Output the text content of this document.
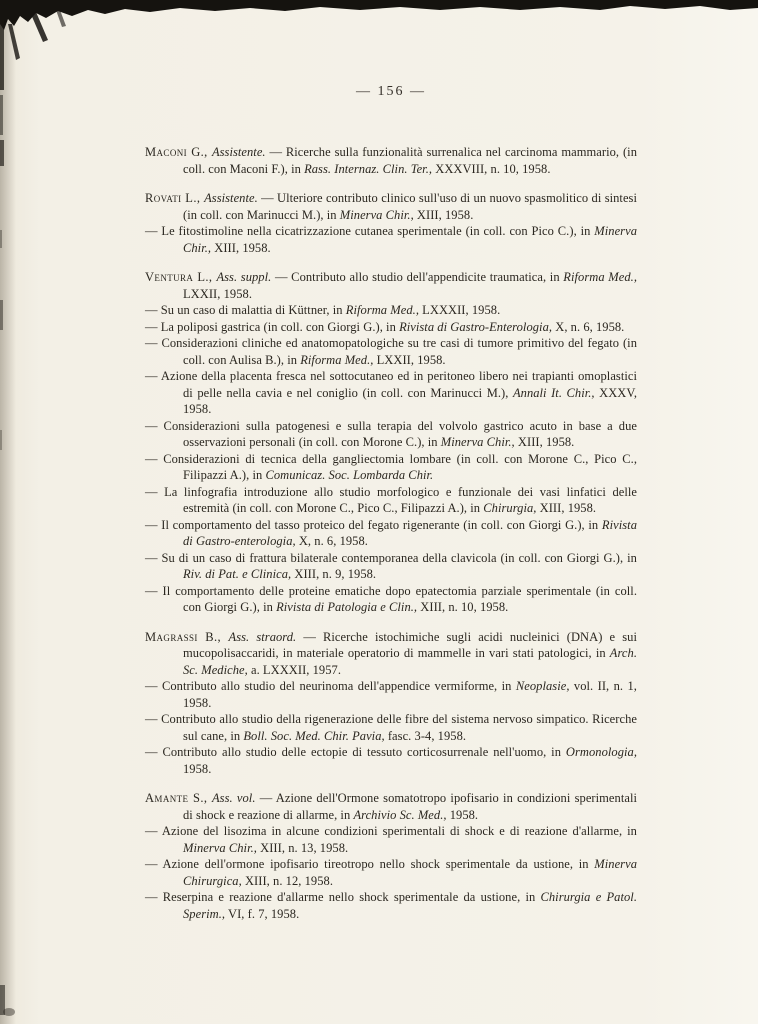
— 156 —

Maconi G., Assistente. — Ricerche sulla funzionalità surrenalica nel carcinoma mammario, (in coll. con Maconi F.), in Rass. Internaz. Clin. Ter., XXXVIII, n. 10, 1958.

Rovati L., Assistente. — Ulteriore contributo clinico sull'uso di un nuovo spasmolitico di sintesi (in coll. con Marinucci M.), in Minerva Chir., XIII, 1958.

— Le fitostimoline nella cicatrizzazione cutanea sperimentale (in coll. con Pico C.), in Minerva Chir., XIII, 1958.

Ventura L., Ass. suppl. — Contributo allo studio dell'appendicite traumatica, in Riforma Med., LXXII, 1958.

— Su un caso di malattia di Küttner, in Riforma Med., LXXXII, 1958.

— La poliposi gastrica (in coll. con Giorgi G.), in Rivista di Gastro-Enterologia, X, n. 6, 1958.

— Considerazioni cliniche ed anatomopatologiche su tre casi di tumore primitivo del fegato (in coll. con Aulisa B.), in Riforma Med., LXXII, 1958.

— Azione della placenta fresca nel sottocutaneo ed in peritoneo libero nei trapianti omoplastici di pelle nella cavia e nel coniglio (in coll. con Marinucci M.), Annali It. Chir., XXXV, 1958.

— Considerazioni sulla patogenesi e sulla terapia del volvolo gastrico acuto in base a due osservazioni personali (in coll. con Morone C.), in Minerva Chir., XIII, 1958.

— Considerazioni di tecnica della gangliectomia lombare (in coll. con Morone C., Pico C., Filipazzi A.), in Comunicaz. Soc. Lombarda Chir.

— La linfografia introduzione allo studio morfologico e funzionale dei vasi linfatici delle estremità (in coll. con Morone C., Pico C., Filipazzi A.), in Chirurgia, XIII, 1958.

— Il comportamento del tasso proteico del fegato rigenerante (in coll. con Giorgi G.), in Rivista di Gastro-enterologia, X, n. 6, 1958.

— Su di un caso di frattura bilaterale contemporanea della clavicola (in coll. con Giorgi G.), in Riv. di Pat. e Clinica, XIII, n. 9, 1958.

— Il comportamento delle proteine ematiche dopo epatectomia parziale sperimentale (in coll. con Giorgi G.), in Rivista di Patologia e Clin., XIII, n. 10, 1958.

Magrassi B., Ass. straord. — Ricerche istochimiche sugli acidi nucleinici (DNA) e sui mucopolisaccaridi, in materiale operatorio di mammelle in vari stati patologici, in Arch. Sc. Mediche, a. LXXXII, 1957.

— Contributo allo studio del neurinoma dell'appendice vermiforme, in Neoplasie, vol. II, n. 1, 1958.

— Contributo allo studio della rigenerazione delle fibre del sistema nervoso simpatico. Ricerche sul cane, in Boll. Soc. Med. Chir. Pavia, fasc. 3-4, 1958.

— Contributo allo studio delle ectopie di tessuto corticosurrenale nell'uomo, in Ormonologia, 1958.

Amante S., Ass. vol. — Azione dell'Ormone somatotropo ipofisario in condizioni sperimentali di shock e reazione di allarme, in Archivio Sc. Med., 1958.

— Azione del lisozima in alcune condizioni sperimentali di shock e di reazione d'allarme, in Minerva Chir., XIII, n. 13, 1958.

— Azione dell'ormone ipofisario tireotropo nello shock sperimentale da ustione, in Minerva Chirurgica, XIII, n. 12, 1958.

— Reserpina e reazione d'allarme nello shock sperimentale da ustione, in Chirurgia e Patol. Sperim., VI, f. 7, 1958.
